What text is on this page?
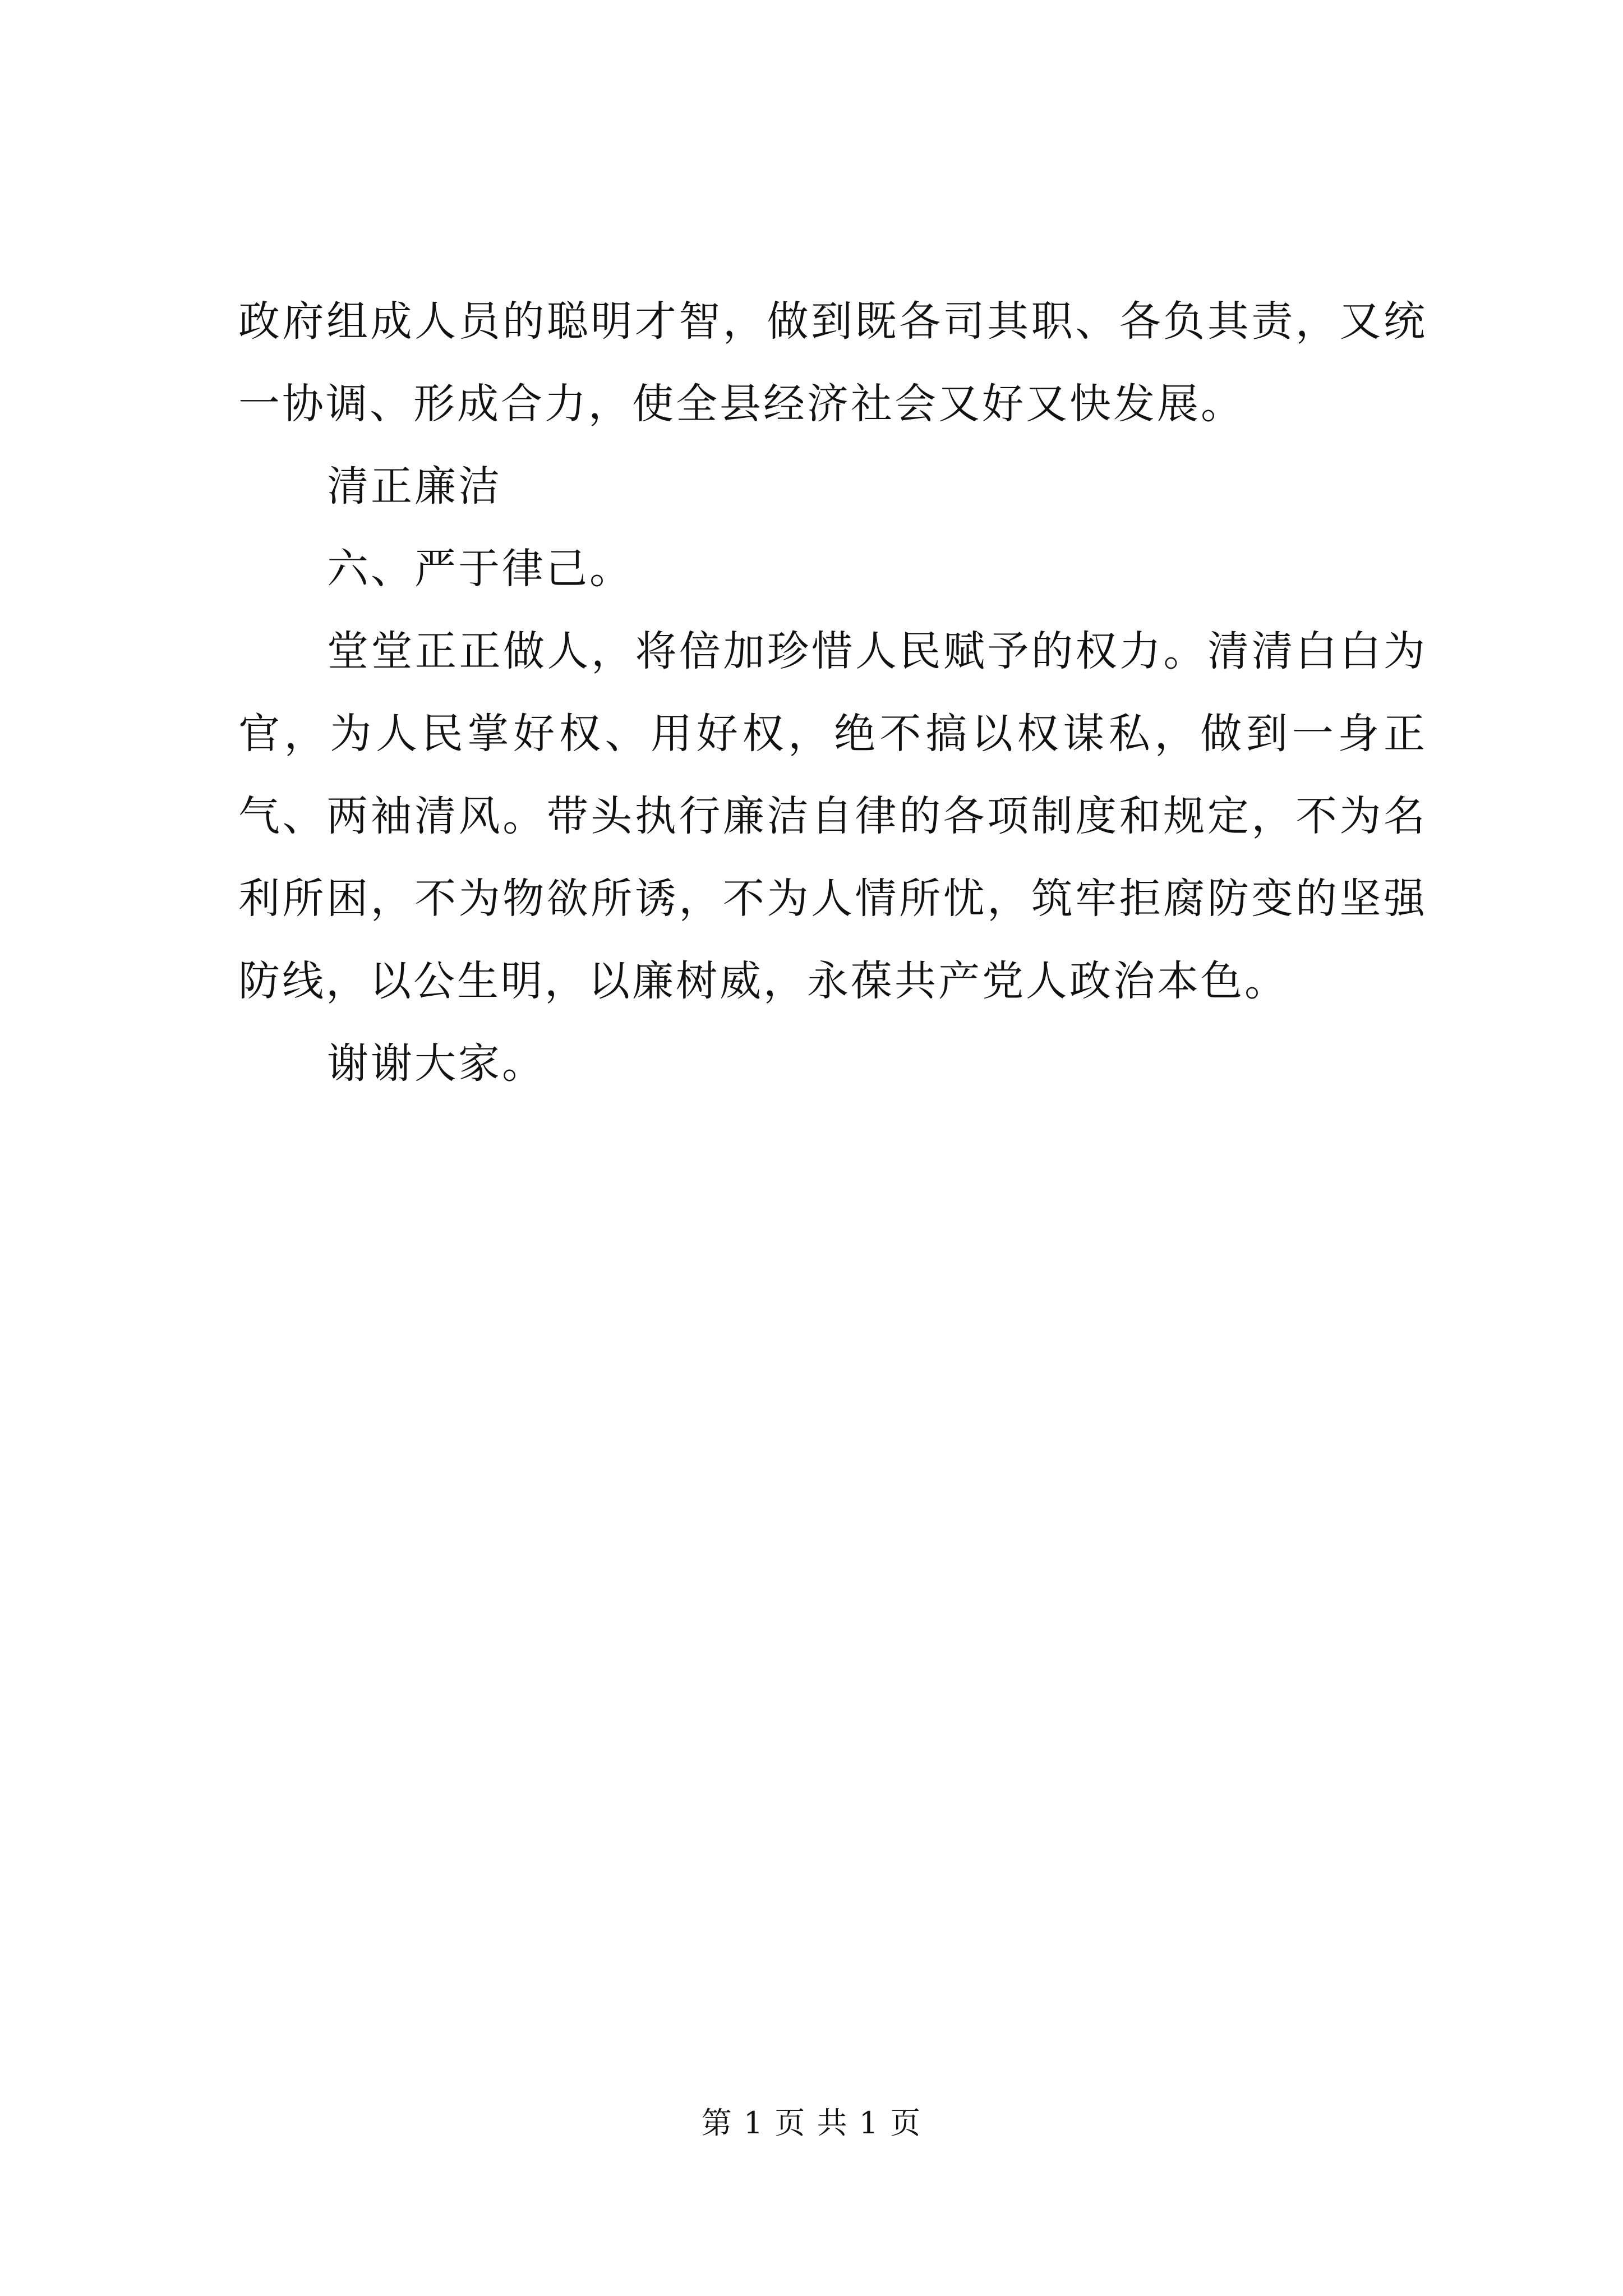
政府组成人员的聪明才智，做到既各司其职、各负其责，又统一协调、形成合力，使全县经济社会又好又快发展。

清正廉洁

六、严于律己。

堂堂正正做人，将倍加珍惜人民赋予的权力。清清白白为官，为人民掌好权、用好权，绝不搞以权谋私，做到一身正气、两袖清风。带头执行廉洁自律的各项制度和规定，不为名利所困，不为物欲所诱，不为人情所忧，筑牢拒腐防变的坚强防线，以公生明，以廉树威，永葆共产党人政治本色。

谢谢大家。

第 1 页 共 1 页
